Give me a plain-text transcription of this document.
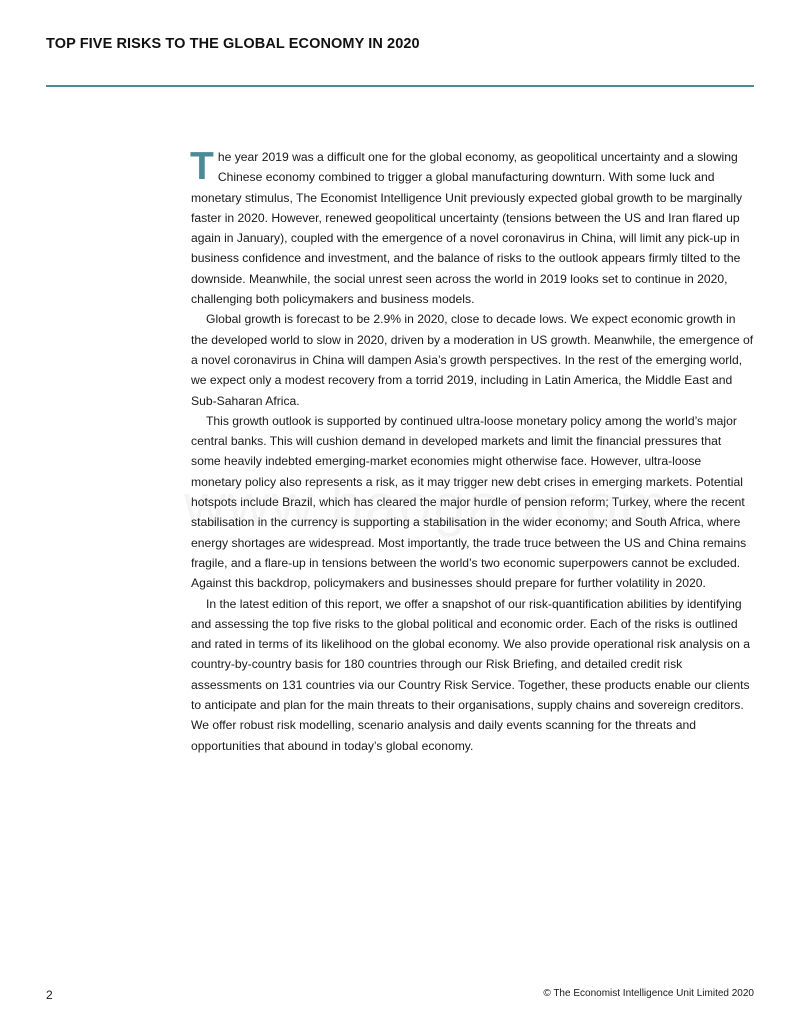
TOP FIVE RISKS TO THE GLOBAL ECONOMY IN 2020

The year 2019 was a difficult one for the global economy, as geopolitical uncertainty and a slowing Chinese economy combined to trigger a global manufacturing downturn. With some luck and monetary stimulus, The Economist Intelligence Unit previously expected global growth to be marginally faster in 2020. However, renewed geopolitical uncertainty (tensions between the US and Iran flared up again in January), coupled with the emergence of a novel coronavirus in China, will limit any pick-up in business confidence and investment, and the balance of risks to the outlook appears firmly tilted to the downside. Meanwhile, the social unrest seen across the world in 2019 looks set to continue in 2020, challenging both policymakers and business models.

Global growth is forecast to be 2.9% in 2020, close to decade lows. We expect economic growth in the developed world to slow in 2020, driven by a moderation in US growth. Meanwhile, the emergence of a novel coronavirus in China will dampen Asia’s growth perspectives. In the rest of the emerging world, we expect only a modest recovery from a torrid 2019, including in Latin America, the Middle East and Sub-Saharan Africa.

This growth outlook is supported by continued ultra-loose monetary policy among the world’s major central banks. This will cushion demand in developed markets and limit the financial pressures that some heavily indebted emerging-market economies might otherwise face. However, ultra-loose monetary policy also represents a risk, as it may trigger new debt crises in emerging markets. Potential hotspots include Brazil, which has cleared the major hurdle of pension reform; Turkey, where the recent stabilisation in the currency is supporting a stabilisation in the wider economy; and South Africa, where energy shortages are widespread. Most importantly, the trade truce between the US and China remains fragile, and a flare-up in tensions between the world’s two economic superpowers cannot be excluded. Against this backdrop, policymakers and businesses should prepare for further volatility in 2020.

In the latest edition of this report, we offer a snapshot of our risk-quantification abilities by identifying and assessing the top five risks to the global political and economic order. Each of the risks is outlined and rated in terms of its likelihood on the global economy. We also provide operational risk analysis on a country-by-country basis for 180 countries through our Risk Briefing, and detailed credit risk assessments on 131 countries via our Country Risk Service. Together, these products enable our clients to anticipate and plan for the main threats to their organisations, supply chains and sovereign creditors. We offer robust risk modelling, scenario analysis and daily events scanning for the threats and opportunities that abound in today’s global economy.

2	© The Economist Intelligence Unit Limited 2020
